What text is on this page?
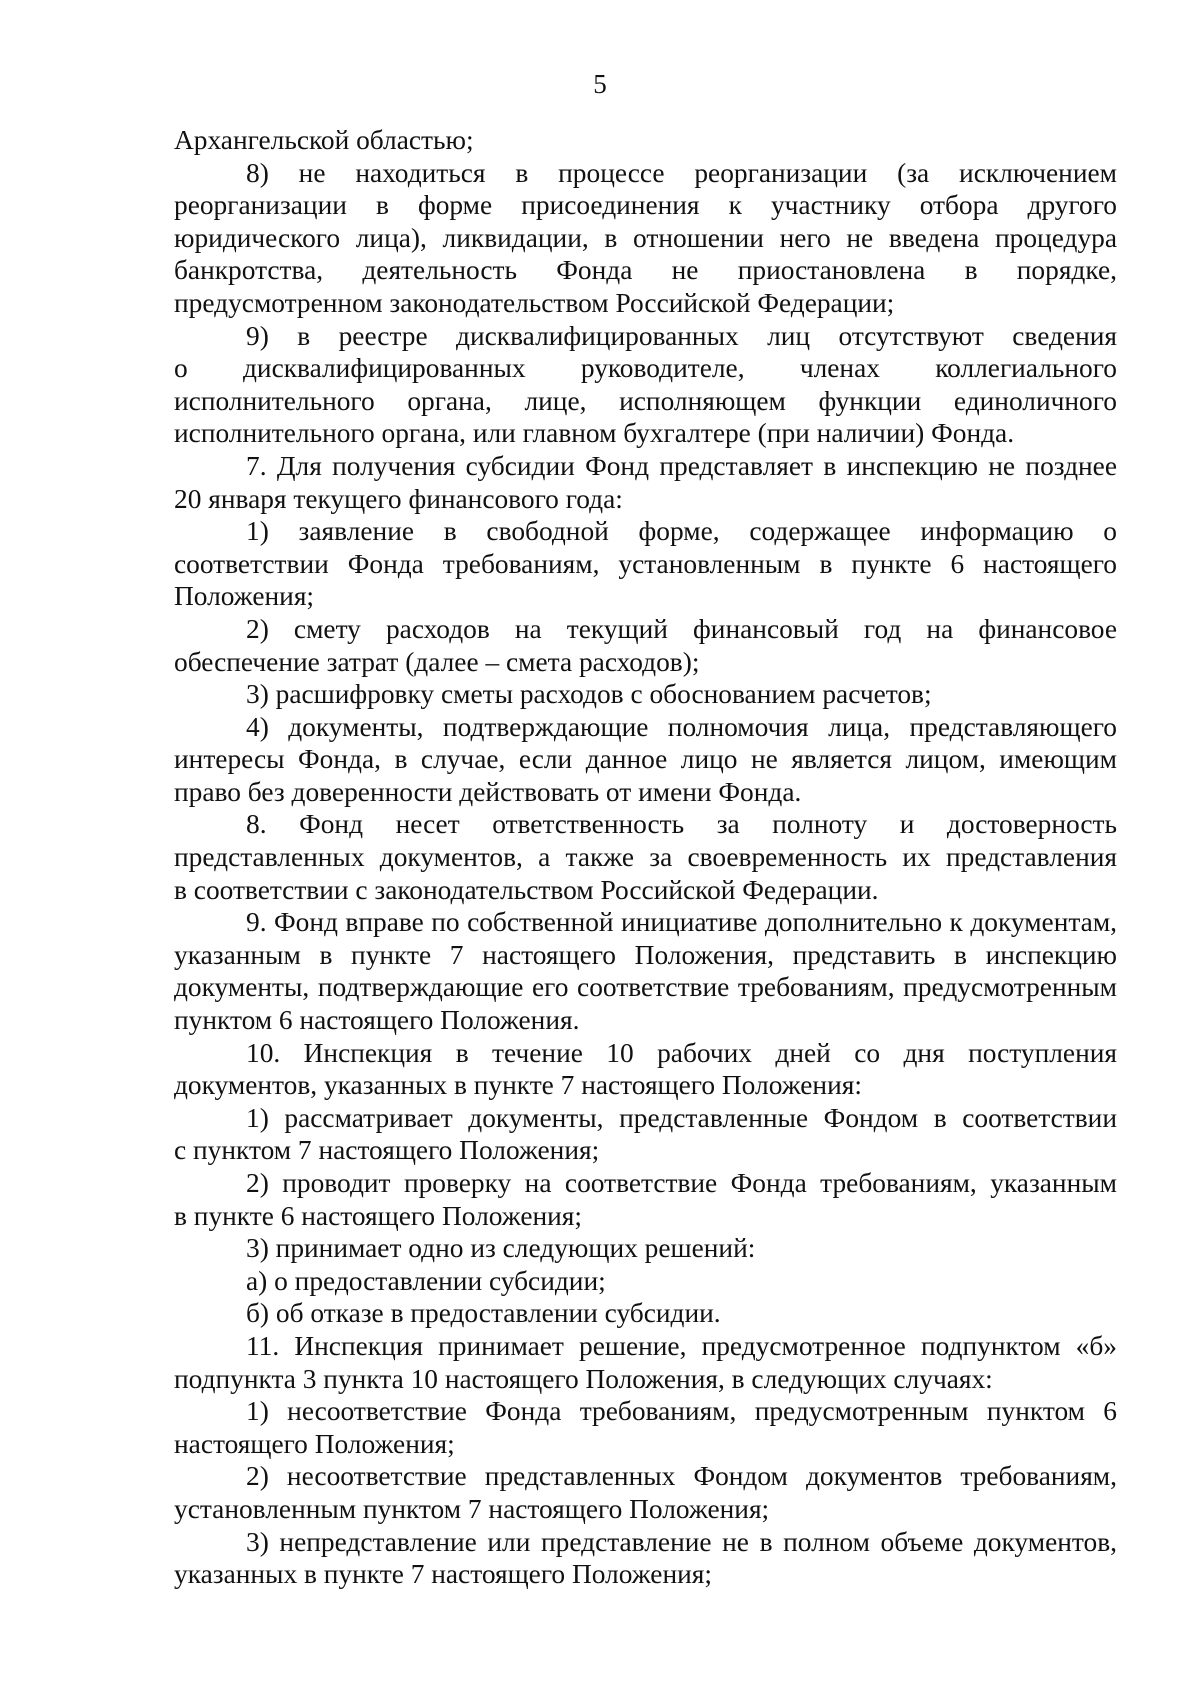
5

Архангельской областью;

8) не находиться в процессе реорганизации (за исключением реорганизации в форме присоединения к участнику отбора другого юридического лица), ликвидации, в отношении него не введена процедура банкротства, деятельность Фонда не приостановлена в порядке, предусмотренном законодательством Российской Федерации;

9) в реестре дисквалифицированных лиц отсутствуют сведения о дисквалифицированных руководителе, членах коллегиального исполнительного органа, лице, исполняющем функции единоличного исполнительного органа, или главном бухгалтере (при наличии) Фонда.

7. Для получения субсидии Фонд представляет в инспекцию не позднее 20 января текущего финансового года:

1) заявление в свободной форме, содержащее информацию о соответствии Фонда требованиям, установленным в пункте 6 настоящего Положения;

2) смету расходов на текущий финансовый год на финансовое обеспечение затрат (далее – смета расходов);

3) расшифровку сметы расходов с обоснованием расчетов;

4) документы, подтверждающие полномочия лица, представляющего интересы Фонда, в случае, если данное лицо не является лицом, имеющим право без доверенности действовать от имени Фонда.

8. Фонд несет ответственность за полноту и достоверность представленных документов, а также за своевременность их представления в соответствии с законодательством Российской Федерации.

9. Фонд вправе по собственной инициативе дополнительно к документам, указанным в пункте 7 настоящего Положения, представить в инспекцию документы, подтверждающие его соответствие требованиям, предусмотренным пунктом 6 настоящего Положения.

10. Инспекция в течение 10 рабочих дней со дня поступления документов, указанных в пункте 7 настоящего Положения:

1) рассматривает документы, представленные Фондом в соответствии с пунктом 7 настоящего Положения;

2) проводит проверку на соответствие Фонда требованиям, указанным в пункте 6 настоящего Положения;

3) принимает одно из следующих решений:

а) о предоставлении субсидии;

б) об отказе в предоставлении субсидии.

11. Инспекция принимает решение, предусмотренное подпунктом «б» подпункта 3 пункта 10 настоящего Положения, в следующих случаях:

1) несоответствие Фонда требованиям, предусмотренным пунктом 6 настоящего Положения;

2) несоответствие представленных Фондом документов требованиям, установленным пунктом 7 настоящего Положения;

3) непредставление или представление не в полном объеме документов, указанных в пункте 7 настоящего Положения;
